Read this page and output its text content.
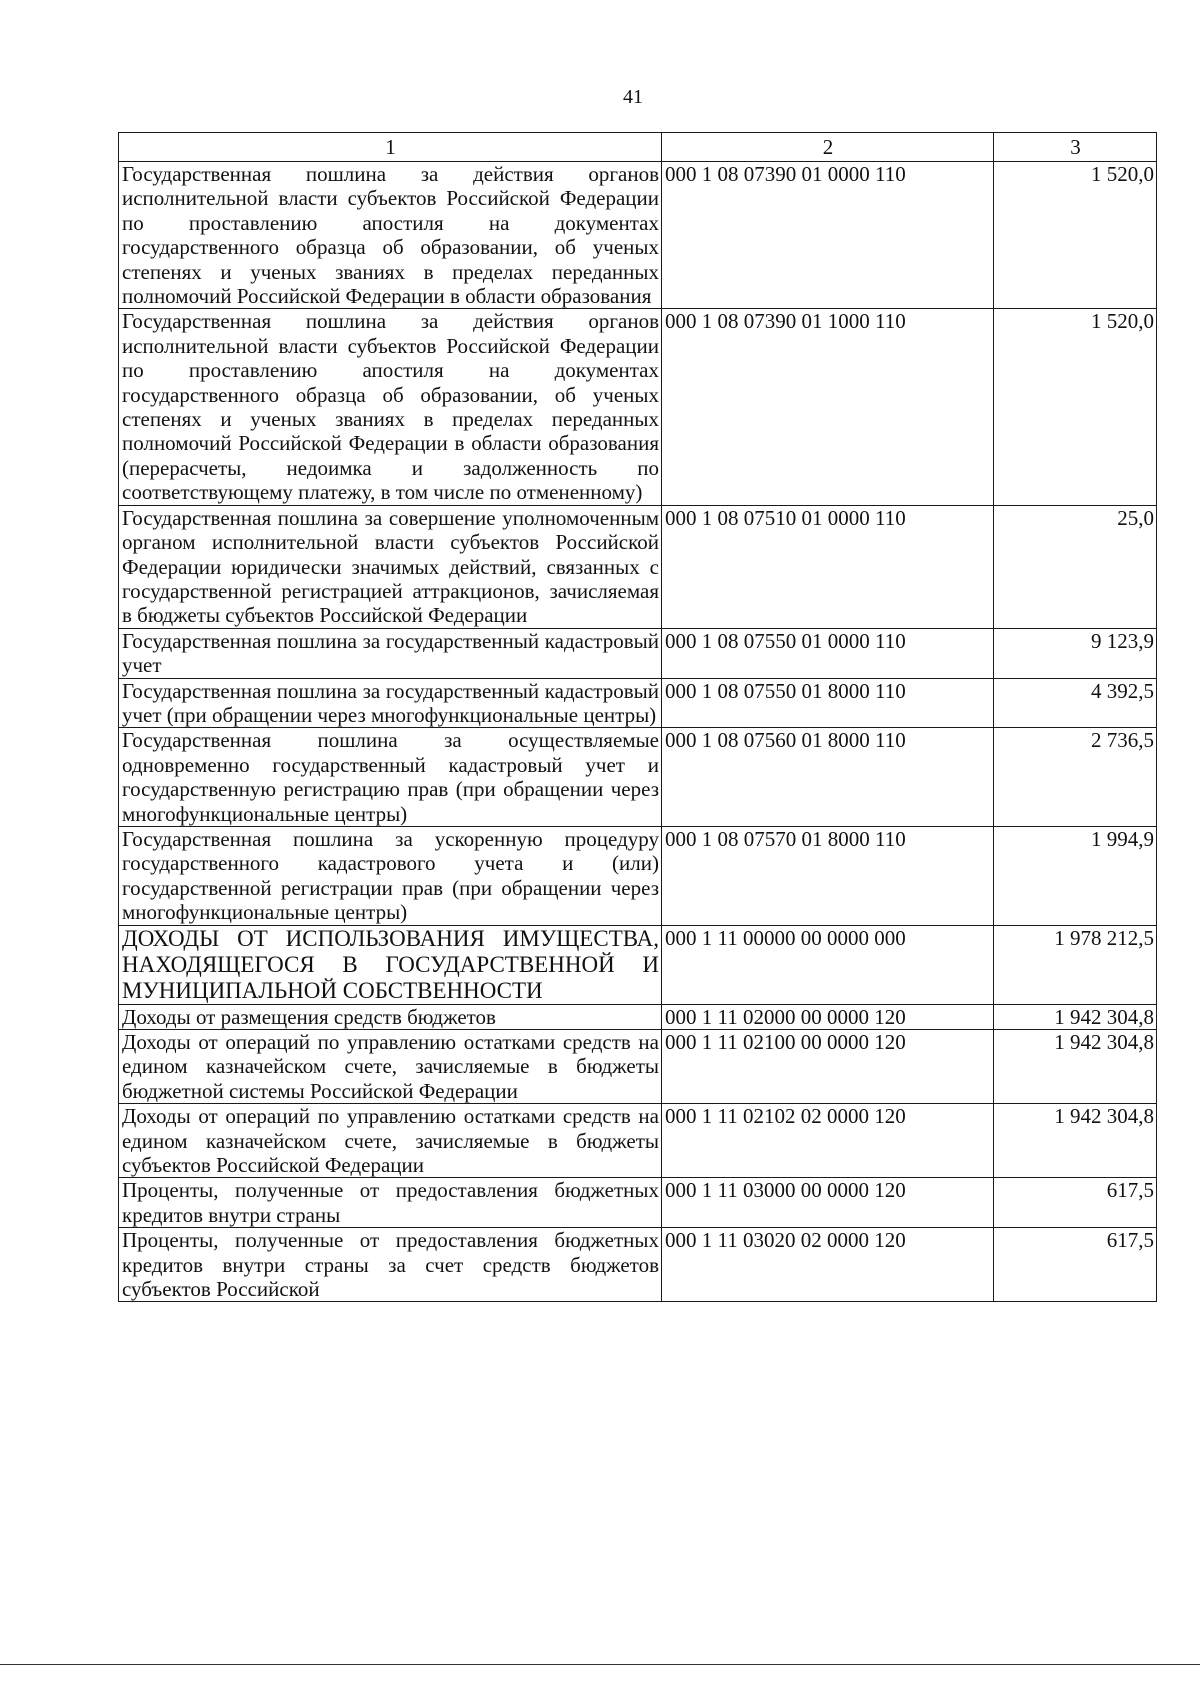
41
1	2	3
Государственная пошлина за действия органов исполнительной власти субъектов Российской Федерации по проставлению апостиля на документах государственного образца об образовании, об ученых степенях и ученых званиях в пределах переданных полномочий Российской Федерации в области образования	000 1 08 07390 01 0000 110	1 520,0
Государственная пошлина за действия органов исполнительной власти субъектов Российской Федерации по проставлению апостиля на документах государственного образца об образовании, об ученых степенях и ученых званиях в пределах переданных полномочий Российской Федерации в области образования (перерасчеты, недоимка и задолженность по соответствующему платежу, в том числе по отмененному)	000 1 08 07390 01 1000 110	1 520,0
Государственная пошлина за совершение уполномоченным органом исполнительной власти субъектов Российской Федерации юридически значимых действий, связанных с государственной регистрацией аттракционов, зачисляемая в бюджеты субъектов Российской Федерации	000 1 08 07510 01 0000 110	25,0
Государственная пошлина за государственный кадастровый учет	000 1 08 07550 01 0000 110	9 123,9
Государственная пошлина за государственный кадастровый учет (при обращении через многофункциональные центры)	000 1 08 07550 01 8000 110	4 392,5
Государственная пошлина за осуществляемые одновременно государственный кадастровый учет и государственную регистрацию прав (при обращении через многофункциональные центры)	000 1 08 07560 01 8000 110	2 736,5
Государственная пошлина за ускоренную процедуру государственного кадастрового учета и (или) государственной регистрации прав (при обращении через многофункциональные центры)	000 1 08 07570 01 8000 110	1 994,9
ДОХОДЫ ОТ ИСПОЛЬЗОВАНИЯ ИМУЩЕСТВА, НАХОДЯЩЕГОСЯ В ГОСУДАРСТВЕННОЙ И МУНИЦИПАЛЬНОЙ СОБСТВЕННОСТИ	000 1 11 00000 00 0000 000	1 978 212,5
Доходы от размещения средств бюджетов	000 1 11 02000 00 0000 120	1 942 304,8
Доходы от операций по управлению остатками средств на едином казначейском счете, зачисляемые в бюджеты бюджетной системы Российской Федерации	000 1 11 02100 00 0000 120	1 942 304,8
Доходы от операций по управлению остатками средств на едином казначейском счете, зачисляемые в бюджеты субъектов Российской Федерации	000 1 11 02102 02 0000 120	1 942 304,8
Проценты, полученные от предоставления бюджетных кредитов внутри страны	000 1 11 03000 00 0000 120	617,5
Проценты, полученные от предоставления бюджетных кредитов внутри страны за счет средств бюджетов субъектов Российской	000 1 11 03020 02 0000 120	617,5
